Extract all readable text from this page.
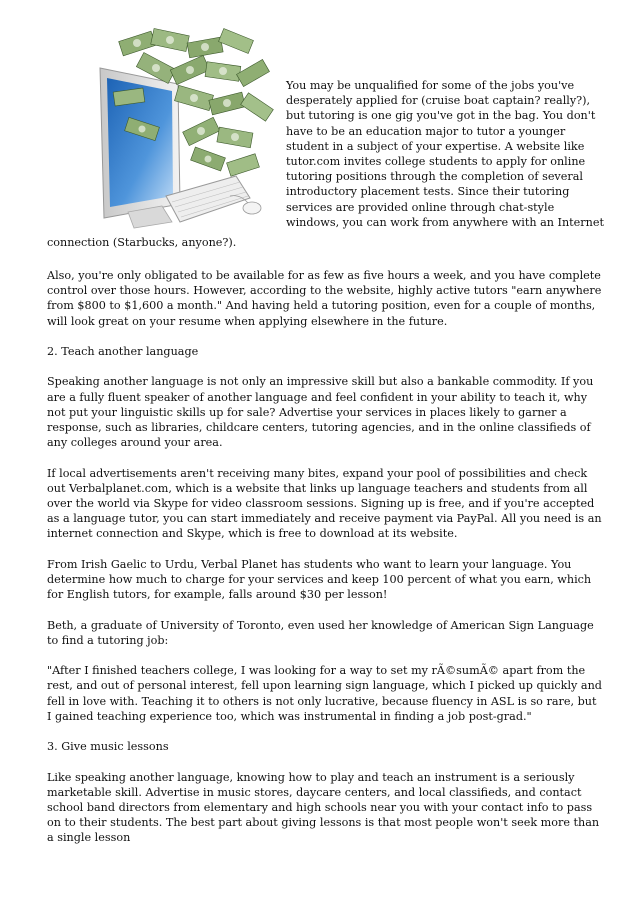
You may be unqualified for some of the jobs you've desperately applied for (cruise boat captain? really?), but tutoring is one gig you've got in the bag. You don't have to be an education major to tutor a younger student in a subject of your expertise. A website like tutor.com invites college students to apply for online tutoring positions through the completion of several introductory placement tests. Since their tutoring services are provided online through chat-style windows, you can work from anywhere with an Internet

connection (Starbucks, anyone?).

Also, you're only obligated to be available for as few as five hours a week, and you have complete control over those hours. However, according to the website, highly active tutors "earn anywhere from $800 to $1,600 a month." And having held a tutoring position, even for a couple of months, will look great on your resume when applying elsewhere in the future.

2. Teach another language

Speaking another language is not only an impressive skill but also a bankable commodity. If you are a fully fluent speaker of another language and feel confident in your ability to teach it, why not put your linguistic skills up for sale? Advertise your services in places likely to garner a response, such as libraries, childcare centers, tutoring agencies, and in the online classifieds of any colleges around your area.

If local advertisements aren't receiving many bites, expand your pool of possibilities and check out Verbalplanet.com, which is a website that links up language teachers and students from all over the world via Skype for video classroom sessions. Signing up is free, and if you're accepted as a language tutor, you can start immediately and receive payment via PayPal. All you need is an internet connection and Skype, which is free to download at its website.

From Irish Gaelic to Urdu, Verbal Planet has students who want to learn your language. You determine how much to charge for your services and keep 100 percent of what you earn, which for English tutors, for example, falls around $30 per lesson!

Beth, a graduate of University of Toronto, even used her knowledge of American Sign Language to find a tutoring job:

"After I finished teachers college, I was looking for a way to set my rÃ©sumÃ© apart from the rest, and out of personal interest, fell upon learning sign language, which I picked up quickly and fell in love with. Teaching it to others is not only lucrative, because fluency in ASL is so rare, but I gained teaching experience too, which was instrumental in finding a job post-grad."

3. Give music lessons

Like speaking another language, knowing how to play and teach an instrument is a seriously marketable skill. Advertise in music stores, daycare centers, and local classifieds, and contact school band directors from elementary and high schools near you with your contact info to pass on to their students. The best part about giving lessons is that most people won't seek more than a single lesson
